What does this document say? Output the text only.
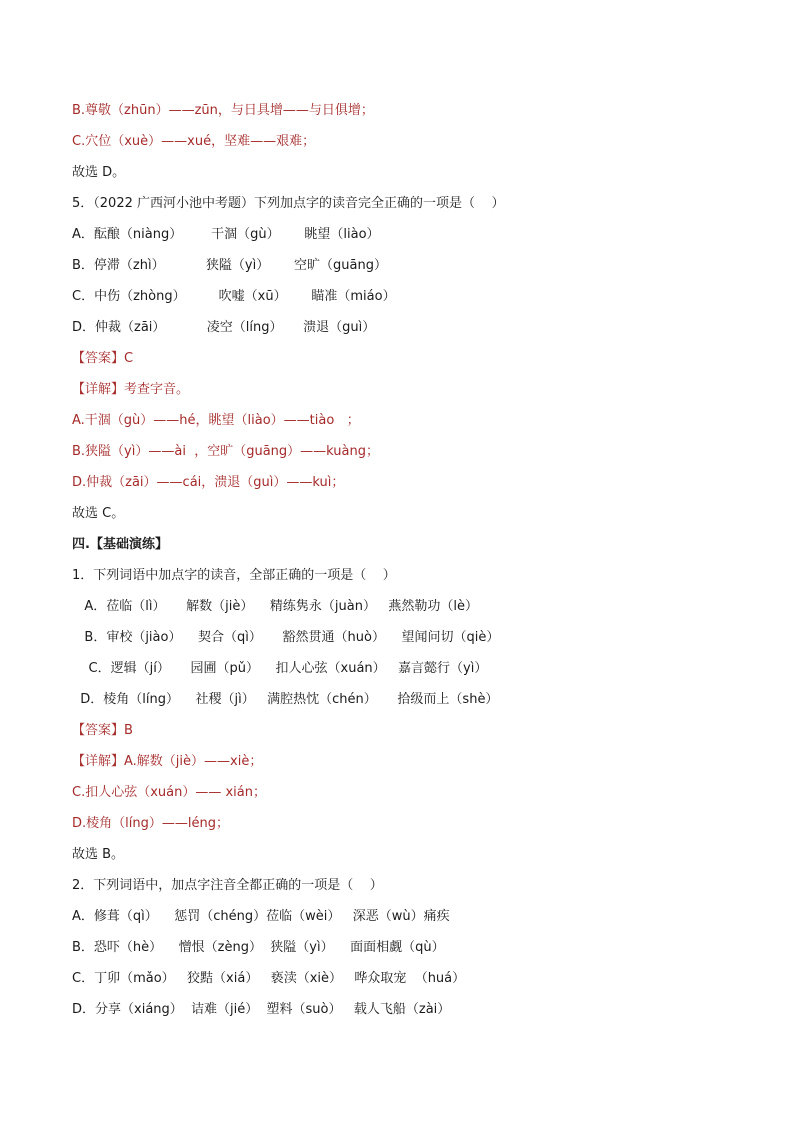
B.尊敬（zhūn）——zūn，与日具增——与日俱增；
C.穴位（xuè）——xué，坚难——艰难；
故选 D。
5．（2022 广西河小池中考题）下列加点字的读音完全正确的一项是（    ）
A．酝酿（niàng）       干涸（gù）      眺望（liào）
B．停滞（zhì）          狭隘（yì）      空旷（guāng）
C．中伤（zhòng）        吹嘘（xū）      瞄准（miáo）
D．仲裁（zāi）          凌空（líng）     溃退（guì）
【答案】C
【详解】考查字音。
A.干涸（gù）——hé，眺望（liào）——tiào   ；
B.狭隘（yì）——ài  ，空旷（guāng）——kuàng；
D.仲裁（zāi）——cái，溃退（guì）——kuì；
故选 C。
四.【基础演练】
1．下列词语中加点字的读音，全部正确的一项是（    ）
A．莅临（lì）     解数（jiè）    精练隽永（juàn）   燕然勒功（lè）
B．审校（jiào）    契合（qì）     豁然贯通（huò）    望闻问切（qiè）
C．逻辑（jí）     园圃（pǔ）    扣人心弦（xuán）   嘉言懿行（yì）
D．棱角（líng）    社稷（jì）   满腔热忱（chén）     拾级而上（shè）
【答案】B
【详解】A.解数（jiè）——xiè；
C.扣人心弦（xuán）—— xián；
D.棱角（líng）——léng；
故选 B。
2．下列词语中，加点字注音全都正确的一项是（    ）
A．修葺（qì）    惩罚（chéng）莅临（wèi）   深恶（wù）痛疾
B．恐吓（hè）    憎恨（zèng）  狭隘（yì）    面面相觑（qù）
C．丁卯（mǎo）   狡黠（xiá）   亵渎（xiè）   哗众取宠  （huá）
D．分享（xiáng）  诘难（jié）  塑料（suò）   载人飞船（zài）
